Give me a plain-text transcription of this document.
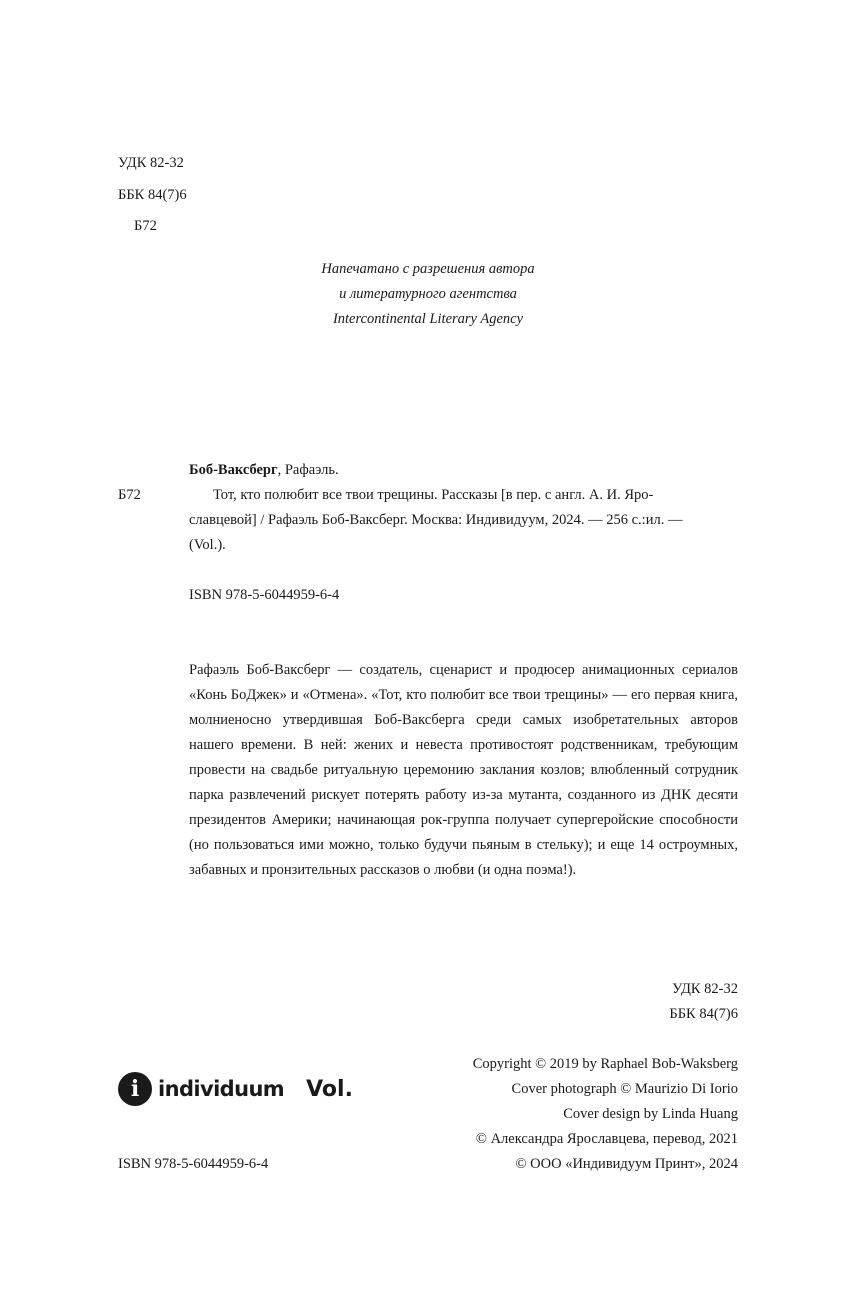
УДК 82-32
ББК 84(7)6
Б72
Напечатано с разрешения автора
и литературного агентства
Intercontinental Literary Agency
Боб-Ваксберг, Рафаэль.
Б72	Тот, кто полюбит все твои трещины. Рассказы [в пер. с англ. А. И. Яро-
славцевой] / Рафаэль Боб-Ваксберг. Москва: Индивидуум, 2024. — 256 с.:ил. —
(Vol.).
ISBN 978-5-6044959-6-4
Рафаэль Боб-Ваксберг — создатель, сценарист и продюсер анимационных сериалов «Конь БоДжек» и «Отмена». «Тот, кто полюбит все твои трещины» — его первая книга, молниеносно утвердившая Боб-Ваксберга среди самых изобретательных авторов нашего времени. В ней: жених и невеста противостоят родственникам, требующим провести на свадьбе ритуальную церемонию заклания козлов; влюбленный сотрудник парка развлечений рискует потерять работу из-за мутанта, созданного из ДНК десяти президентов Америки; начинающая рок-группа получает супергеройские способности (но пользоваться ими можно, только будучи пьяным в стельку); и еще 14 остроумных, забавных и пронзительных рассказов о любви (и одна поэма!).
УДК 82-32
ББК 84(7)6
i individuum Vol.
ISBN 978-5-6044959-6-4
Copyright © 2019 by Raphael Bob-Waksberg
Cover photograph © Maurizio Di Iorio
Cover design by Linda Huang
© Александра Ярославцева, перевод, 2021
© ООО «Индивидуум Принт», 2024
